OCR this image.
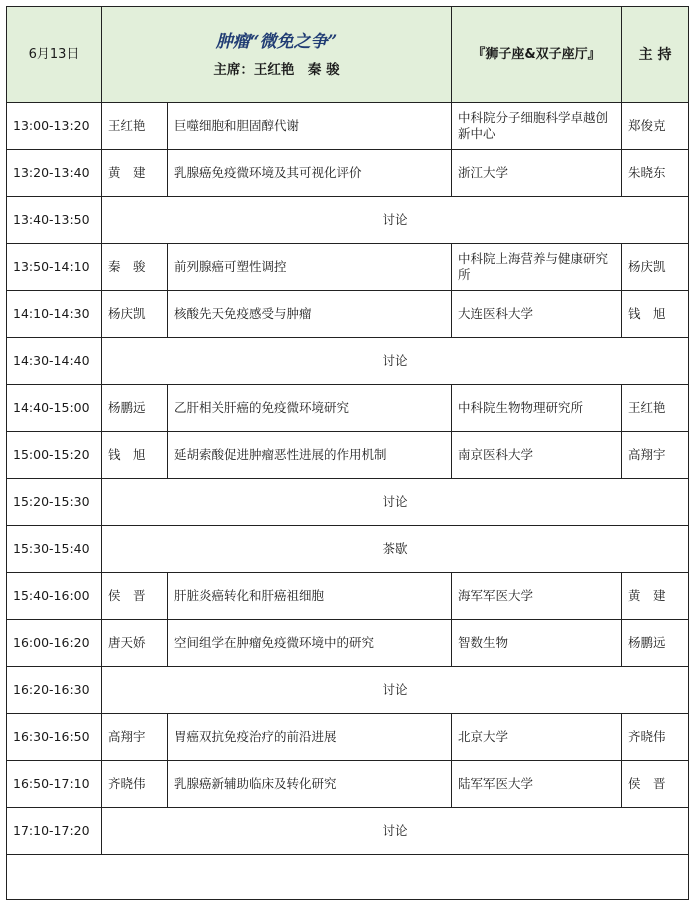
6月13日	肿瘤“微免之争”
主席：王红艳　秦 骏		『狮子座&双子座厅』	主 持
13:00-13:20	王红艳	巨噬细胞和胆固醇代谢	中科院分子细胞科学卓越创新中心	郑俊克
13:20-13:40	黄　建	乳腺癌免疫微环境及其可视化评价	浙江大学	朱晓东
13:40-13:50	讨论			
13:50-14:10	秦　骏	前列腺癌可塑性调控	中科院上海营养与健康研究所	杨庆凯
14:10-14:30	杨庆凯	核酸先天免疫感受与肿瘤	大连医科大学	钱　旭
14:30-14:40	讨论			
14:40-15:00	杨鹏远	乙肝相关肝癌的免疫微环境研究	中科院生物物理研究所	王红艳
15:00-15:20	钱　旭	延胡索酸促进肿瘤恶性进展的作用机制	南京医科大学	高翔宇
15:20-15:30	讨论			
15:30-15:40	茶歇			
15:40-16:00	侯　晋	肝脏炎癌转化和肝癌祖细胞	海军军医大学	黄　建
16:00-16:20	唐天娇	空间组学在肿瘤免疫微环境中的研究	智数生物	杨鹏远
16:20-16:30	讨论			
16:30-16:50	高翔宇	胃癌双抗免疫治疗的前沿进展	北京大学	齐晓伟
16:50-17:10	齐晓伟	乳腺癌新辅助临床及转化研究	陆军军医大学	侯　晋
17:10-17:20	讨论			
